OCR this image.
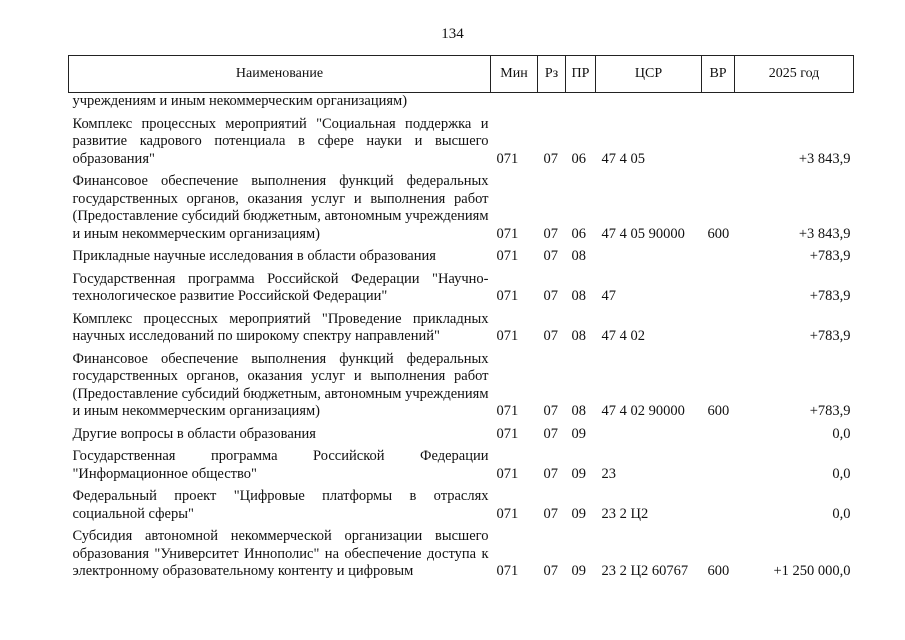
134
Наименование	Мин	Рз	ПР	ЦСР	ВР	2025 год
учреждениям и иным некоммерческим организациям)						

Комплекс процессных мероприятий "Социальная поддержка и развитие кадрового потенциала в сфере науки и высшего образования"	071	07	06	47 4 05		+3 843,9

Финансовое обеспечение выполнения функций федеральных государственных органов, оказания услуг и выполнения работ (Предоставление субсидий бюджетным, автономным учреждениям и иным некоммерческим организациям)	071	07	06	47 4 05 90000	600	+3 843,9

Прикладные научные исследования в области образования	071	07	08			+783,9

Государственная программа Российской Федерации "Научно-технологическое развитие Российской Федерации"	071	07	08	47		+783,9

Комплекс процессных мероприятий "Проведение прикладных научных исследований по широкому спектру направлений"	071	07	08	47 4 02		+783,9

Финансовое обеспечение выполнения функций федеральных государственных органов, оказания услуг и выполнения работ (Предоставление субсидий бюджетным, автономным учреждениям и иным некоммерческим организациям)	071	07	08	47 4 02 90000	600	+783,9

Другие вопросы в области образования	071	07	09			0,0

Государственная программа Российской Федерации "Информационное общество"	071	07	09	23		0,0

Федеральный проект "Цифровые платформы в отраслях социальной сферы"	071	07	09	23 2 Ц2		0,0

Субсидия автономной некоммерческой организации высшего образования "Университет Иннополис" на обеспечение доступа к электронному образовательному контенту и цифровым	071	07	09	23 2 Ц2 60767	600	+1 250 000,0
